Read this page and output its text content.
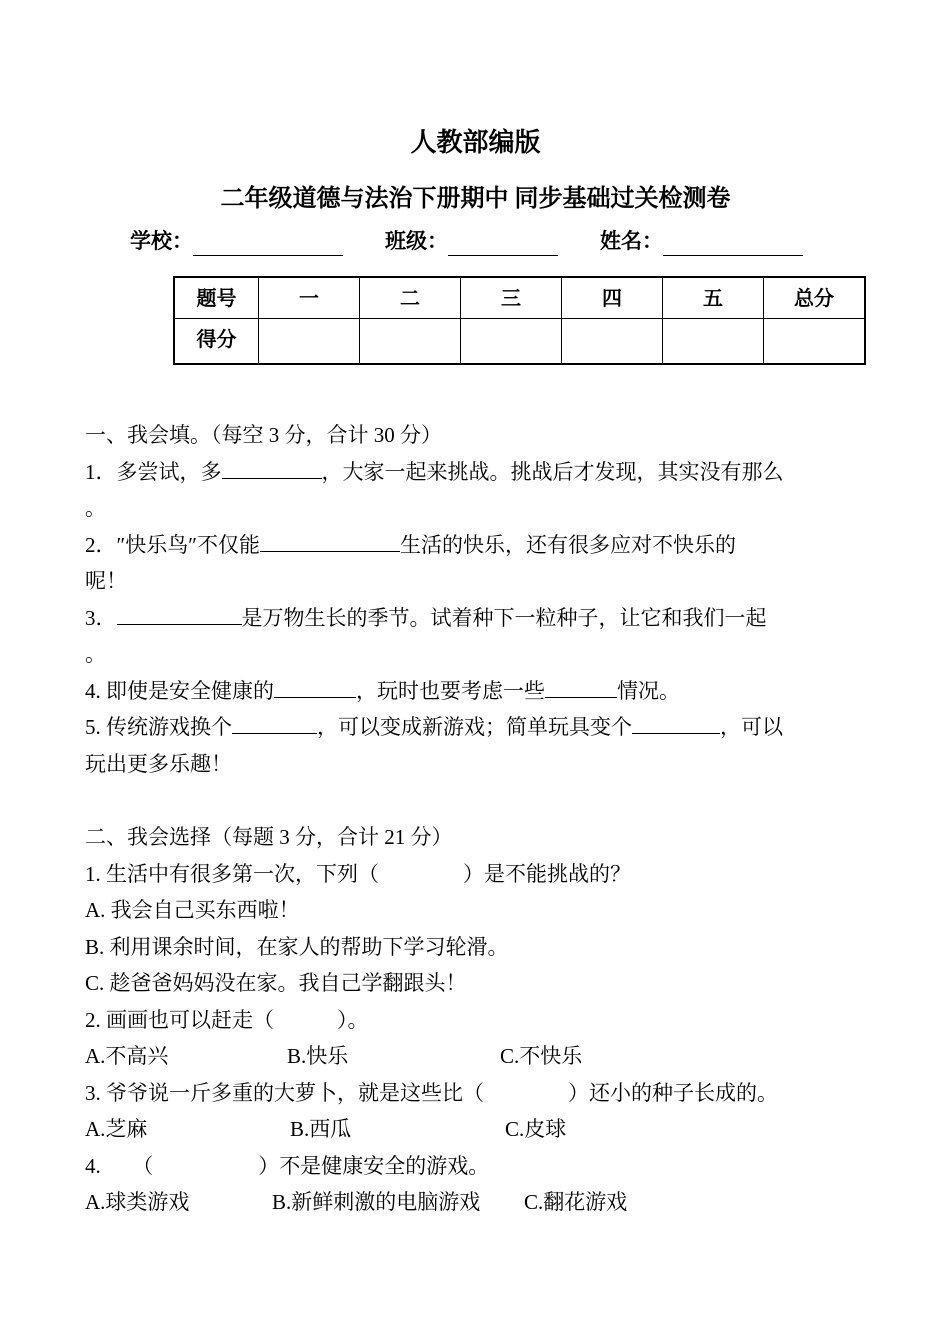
人教部编版
二年级道德与法治下册期中 同步基础过关检测卷
学校：	班级：	姓名：
题号	一	二	三	四	五	总分
得分						

一、我会填。（每空 3 分，合计 30 分）

1．多尝试，多	，大家一起来挑战。挑战后才发现，其实没有那么

。

2．″快乐鸟″不仅能	生活的快乐，还有很多应对不快乐的

呢！

3．	是万物生长的季节。试着种下一粒种子，让它和我们一起

。

4. 即使是安全健康的	，玩时也要考虑一些	情况。

5. 传统游戏换个	，可以变成新游戏；简单玩具变个	，可以

玩出更多乐趣！

二、我会选择（每题 3 分，合计 21 分）

1. 生活中有很多第一次，下列（　　　　）是不能挑战的？

A. 我会自己买东西啦！

B. 利用课余时间，在家人的帮助下学习轮滑。

C. 趁爸爸妈妈没在家。我自己学翻跟头！

2. 画画也可以赶走（　　　）。

A.不高兴	B.快乐	C.不快乐

3. 爷爷说一斤多重的大萝卜，就是这些比（　　　　）还小的种子长成的。

A.芝麻	B.西瓜	C.皮球

4.　　（　　　　　）不是健康安全的游戏。

A.球类游戏	B.新鲜刺激的电脑游戏	C.翻花游戏
